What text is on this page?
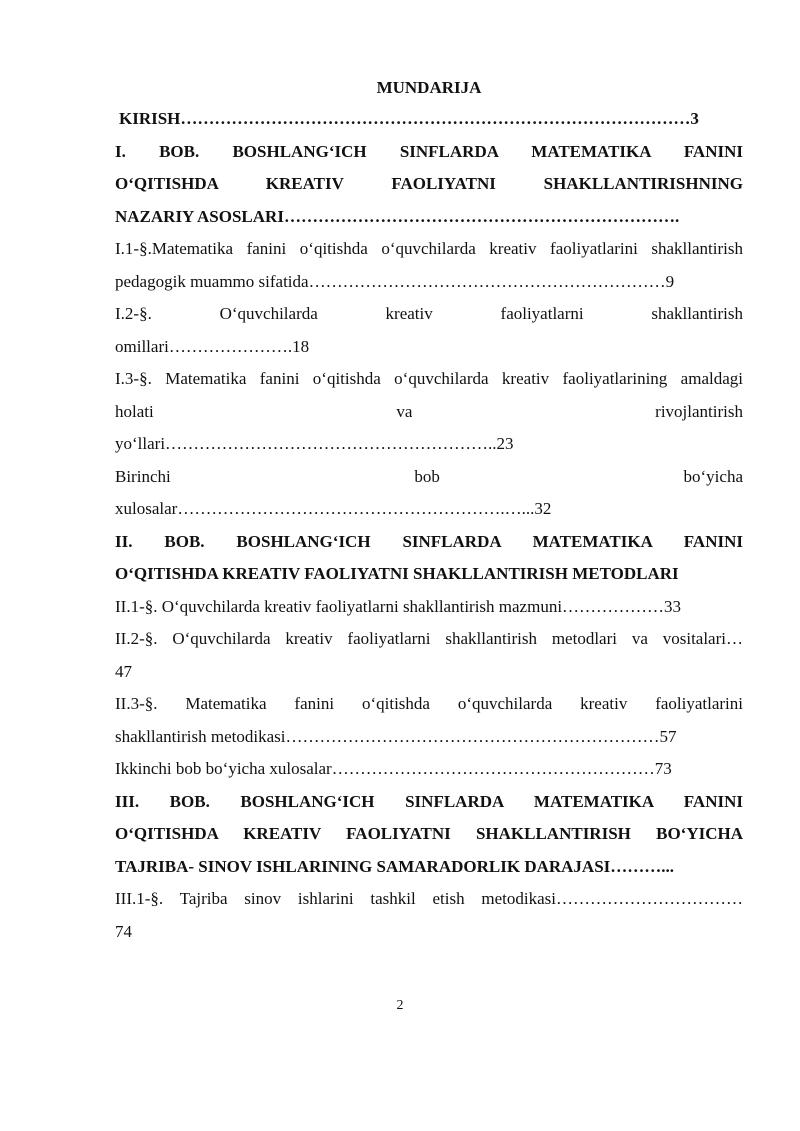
MUNDARIJA
KIRISH………………………………………………………………………………3
I. BOB. BOSHLANG‘ICH SINFLARDA MATEMATIKA FANINI
O‘QITISHDA KREATIV FAOLIYATNI SHAKLLANTIRISHNING
NAZARIY ASOSLARI…………………………………………………………….
I.1-§.Matematika fanini o‘qitishda o‘quvchilarda kreativ faoliyatlarini shakllantirish
pedagogik muammo sifatida………………………………………………………9
I.2-§. O‘quvchilarda kreativ faoliyatlarni shakllantirish
omillari………………….18
I.3-§. Matematika fanini o‘qitishda o‘quvchilarda kreativ faoliyatlarining amaldagi
holati va rivojlantirish
yo‘llari…………………………………………………..23
Birinchi bob bo‘yicha
xulosalar………………………………………………….…...32
II. BOB. BOSHLANG‘ICH SINFLARDA MATEMATIKA FANINI
O‘QITISHDA KREATIV FAOLIYATNI SHAKLLANTIRISH METODLARI
II.1-§. O‘quvchilarda kreativ faoliyatlarni shakllantirish mazmuni………………33
II.2-§. O‘quvchilarda kreativ faoliyatlarni shakllantirish metodlari va vositalari…
47
II.3-§. Matematika fanini o‘qitishda o‘quvchilarda kreativ faoliyatlarini
shakllantirish metodikasi…………………………………………………………57
Ikkinchi bob bo‘yicha xulosalar…………………………………………………73
III. BOB. BOSHLANG‘ICH SINFLARDA MATEMATIKA FANINI
O‘QITISHDA KREATIV FAOLIYATNI SHAKLLANTIRISH BO‘YICHA
TAJRIBA- SINOV ISHLARINING SAMARADORLIK DARAJASI………...
III.1-§. Tajriba sinov ishlarini tashkil etish metodikasi……………………………
74
2
